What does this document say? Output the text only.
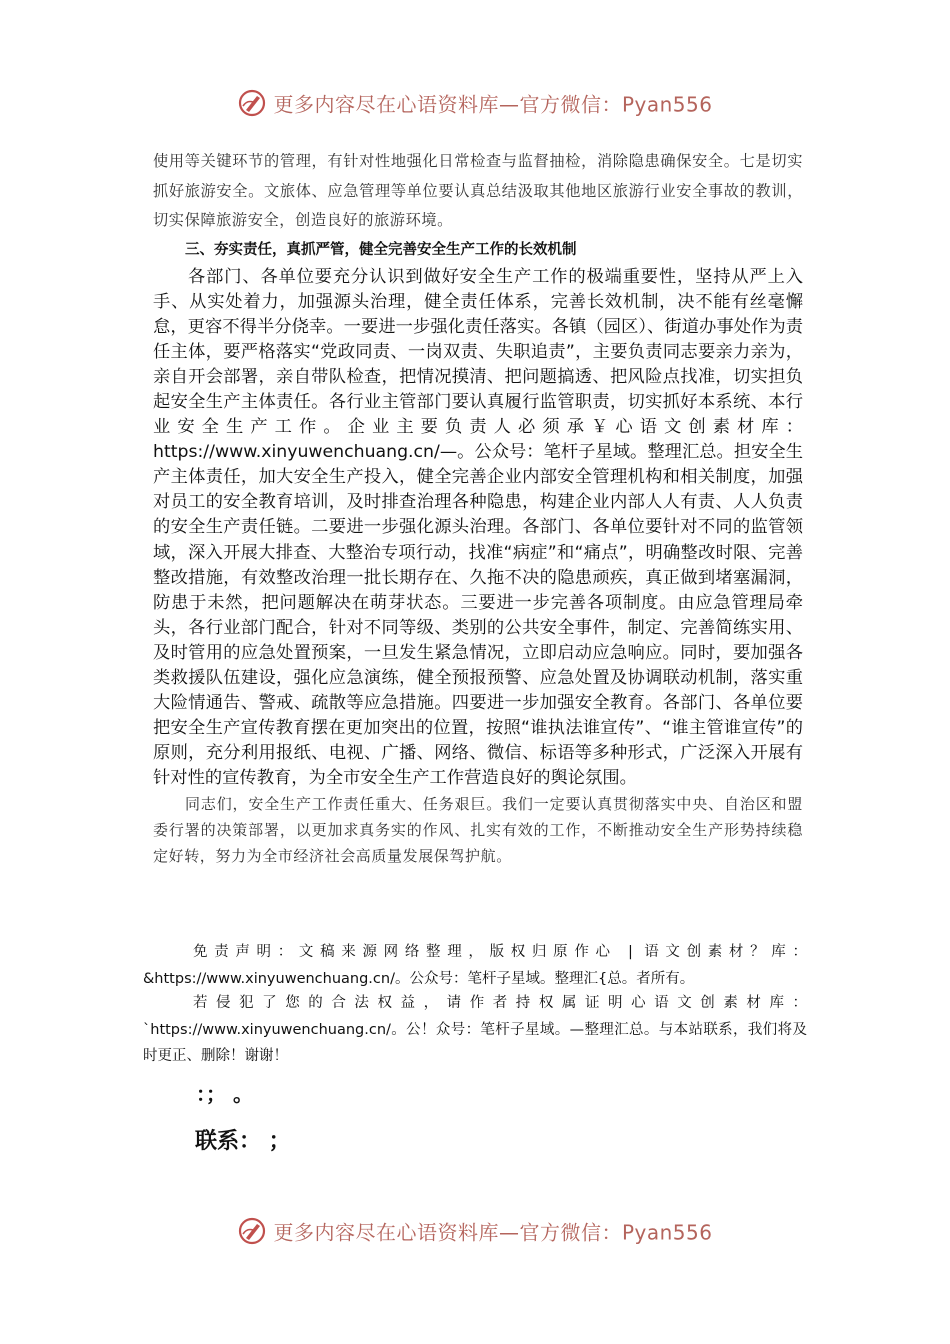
更多内容尽在心语资料库—官方微信：Pyan556

使用等关键环节的管理，有针对性地强化日常检查与监督抽检，消除隐患确保安全。七是切实抓好旅游安全。文旅体、应急管理等单位要认真总结汲取其他地区旅游行业安全事故的教训，切实保障旅游安全，创造良好的旅游环境。

三、夯实责任，真抓严管，健全完善安全生产工作的长效机制

各部门、各单位要充分认识到做好安全生产工作的极端重要性，坚持从严上入手、从实处着力，加强源头治理，健全责任体系，完善长效机制，决不能有丝毫懈怠，更容不得半分侥幸。一要进一步强化责任落实。各镇（园区）、街道办事处作为责任主体，要严格落实“党政同责、一岗双责、失职追责”，主要负责同志要亲力亲为，亲自开会部署，亲自带队检查，把情况摸清、把问题搞透、把风险点找准，切实担负起安全生产主体责任。各行业主管部门要认真履行监管职责，切实抓好本系统、本行业安全生产工作。企业主要负责人必须承￥心语文创素材库：https://www.xinyuwenchuang.cn/—。公众号：笔杆子星域。整理汇总。担安全生产主体责任，加大安全生产投入，健全完善企业内部安全管理机构和相关制度，加强对员工的安全教育培训，及时排查治理各种隐患，构建企业内部人人有责、人人负责的安全生产责任链。二要进一步强化源头治理。各部门、各单位要针对不同的监管领域，深入开展大排查、大整治专项行动，找准“病症”和“痛点”，明确整改时限、完善整改措施，有效整改治理一批长期存在、久拖不决的隐患顽疾，真正做到堵塞漏洞，防患于未然，把问题解决在萌芽状态。三要进一步完善各项制度。由应急管理局牵头，各行业部门配合，针对不同等级、类别的公共安全事件，制定、完善简练实用、及时管用的应急处置预案，一旦发生紧急情况，立即启动应急响应。同时，要加强各类救援队伍建设，强化应急演练，健全预报预警、应急处置及协调联动机制，落实重大险情通告、警戒、疏散等应急措施。四要进一步加强安全教育。各部门、各单位要把安全生产宣传教育摆在更加突出的位置，按照“谁执法谁宣传”、“谁主管谁宣传”的原则，充分利用报纸、电视、广播、网络、微信、标语等多种形式，广泛深入开展有针对性的宣传教育，为全市安全生产工作营造良好的舆论氛围。

同志们，安全生产工作责任重大、任务艰巨。我们一定要认真贯彻落实中央、自治区和盟委行署的决策部署，以更加求真务实的作风、扎实有效的工作，不断推动安全生产形势持续稳定好转，努力为全市经济社会高质量发展保驾护航。

免责声明：文稿来源网络整理，版权归原作心 | 语文创素材？库： &https://www.xinyuwenchuang.cn/。公众号：笔杆子星域。整理汇{总。者所有。

若侵犯了您的合法权益，请作者持权属证明心语文创素材库： `https://www.xinyuwenchuang.cn/。公！众号：笔杆子星域。—整理汇总。与本站联系，我们将及时更正、删除！谢谢！

：； 。
联系： ；
更多内容尽在心语资料库—官方微信：Pyan556
